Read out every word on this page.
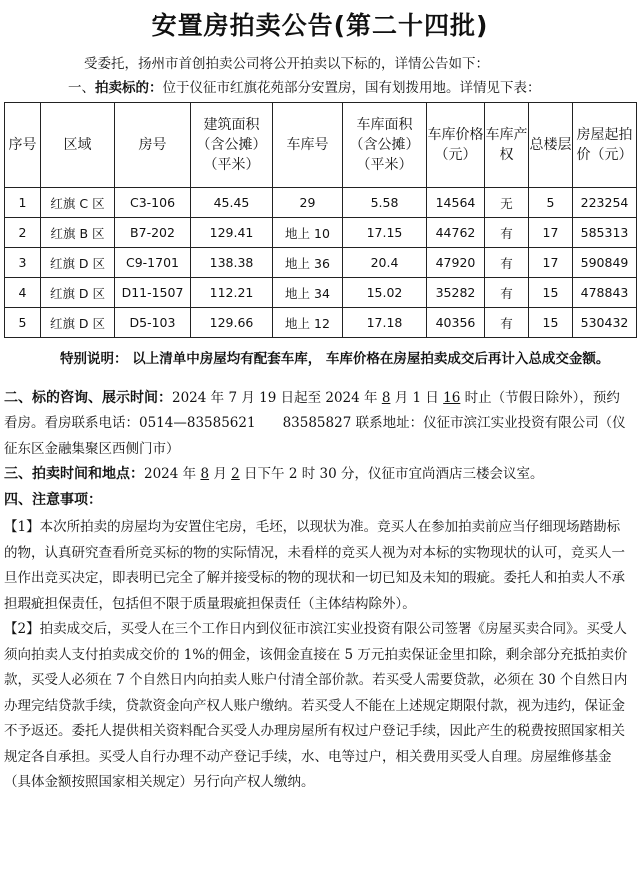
安置房拍卖公告(第二十四批)

受委托，扬州市首创拍卖公司将公开拍卖以下标的，详情公告如下：

一、拍卖标的：位于仪征市红旗花苑部分安置房，国有划拨用地。详情见下表：

序号	区域	房号	建筑面积（含公摊）（平米）	车库号	车库面积（含公摊）（平米）	车库价格（元）	车库产权	总楼层	房屋起拍价（元）
1	红旗 C 区	C3-106	45.45	29	5.58	14564	无	5	223254
2	红旗 B 区	B7-202	129.41	地上 10	17.15	44762	有	17	585313
3	红旗 D 区	C9-1701	138.38	地上 36	20.4	47920	有	17	590849
4	红旗 D 区	D11-1507	112.21	地上 34	15.02	35282	有	15	478843
5	红旗 D 区	D5-103	129.66	地上 12	17.18	40356	有	15	530432

特别说明： 以上清单中房屋均有配套车库， 车库价格在房屋拍卖成交后再计入总成交金额。

二、标的咨询、展示时间：2024 年 7 月 19 日起至 2024 年 8 月 1 日 16 时止（节假日除外），预约看房。看房联系电话：0514—83585621　　83585827 联系地址：仪征市滨江实业投资有限公司（仪征东区金融集聚区西侧门市）

三、拍卖时间和地点：2024 年 8 月 2 日下午 2 时 30 分，仪征市宜尚酒店三楼会议室。

四、注意事项：

【1】本次所拍卖的房屋均为安置住宅房，毛坯，以现状为准。竞买人在参加拍卖前应当仔细现场踏勘标的物，认真研究查看所竞买标的物的实际情况，未看样的竞买人视为对本标的实物现状的认可，竞买人一旦作出竞买决定，即表明已完全了解并接受标的物的现状和一切已知及未知的瑕疵。委托人和拍卖人不承担瑕疵担保责任，包括但不限于质量瑕疵担保责任（主体结构除外）。

【2】拍卖成交后，买受人在三个工作日内到仪征市滨江实业投资有限公司签署《房屋买卖合同》。买受人须向拍卖人支付拍卖成交价的 1%的佣金，该佣金直接在 5 万元拍卖保证金里扣除，剩余部分充抵拍卖价款，买受人必须在 7 个自然日内向拍卖人账户付清全部价款。若买受人需要贷款，必须在 30 个自然日内办理完结贷款手续，贷款资金向产权人账户缴纳。若买受人不能在上述规定期限付款，视为违约，保证金不予返还。委托人提供相关资料配合买受人办理房屋所有权过户登记手续，因此产生的税费按照国家相关规定各自承担。买受人自行办理不动产登记手续，水、电等过户，相关费用买受人自理。房屋维修基金（具体金额按照国家相关规定）另行向产权人缴纳。
